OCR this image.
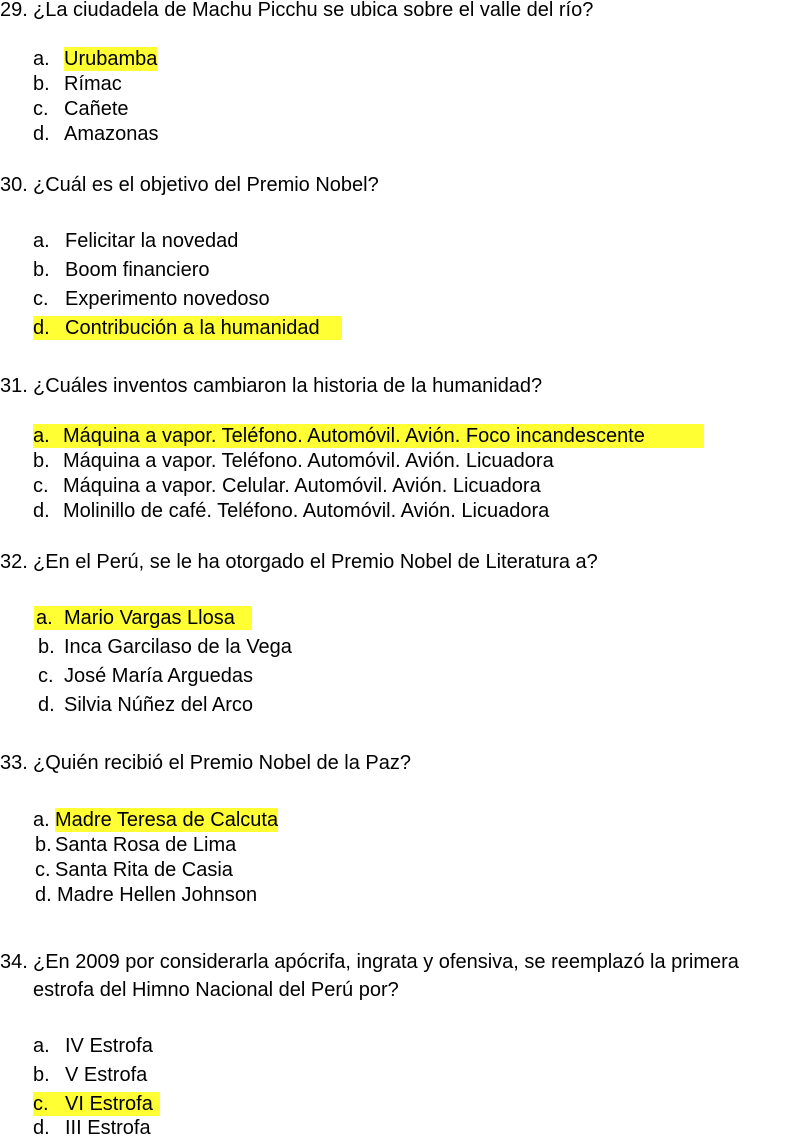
29. ¿La ciudadela de Machu Picchu se ubica sobre el valle del río?
a. Urubamba
b. Rímac
c. Cañete
d. Amazonas
30. ¿Cuál es el objetivo del Premio Nobel?
a. Felicitar la novedad
b. Boom financiero
c. Experimento novedoso
d. Contribución a la humanidad
31. ¿Cuáles inventos cambiaron la historia de la humanidad?
a. Máquina a vapor. Teléfono. Automóvil. Avión. Foco incandescente
b. Máquina a vapor. Teléfono. Automóvil. Avión. Licuadora
c. Máquina a vapor. Celular. Automóvil. Avión. Licuadora
d. Molinillo de café. Teléfono. Automóvil. Avión. Licuadora
32. ¿En el Perú, se le ha otorgado el Premio Nobel de Literatura a?
a. Mario Vargas Llosa
b. Inca Garcilaso de la Vega
c. José María Arguedas
d. Silvia Núñez del Arco
33. ¿Quién recibió el Premio Nobel de la Paz?
a. Madre Teresa de Calcuta
b. Santa Rosa de Lima
c. Santa Rita de Casia
d. Madre Hellen Johnson
34. ¿En 2009 por considerarla apócrifa, ingrata y ofensiva, se reemplazó la primera
estrofa del Himno Nacional del Perú por?
a. IV Estrofa
b. V Estrofa
c. VI Estrofa
d. III Estrofa
